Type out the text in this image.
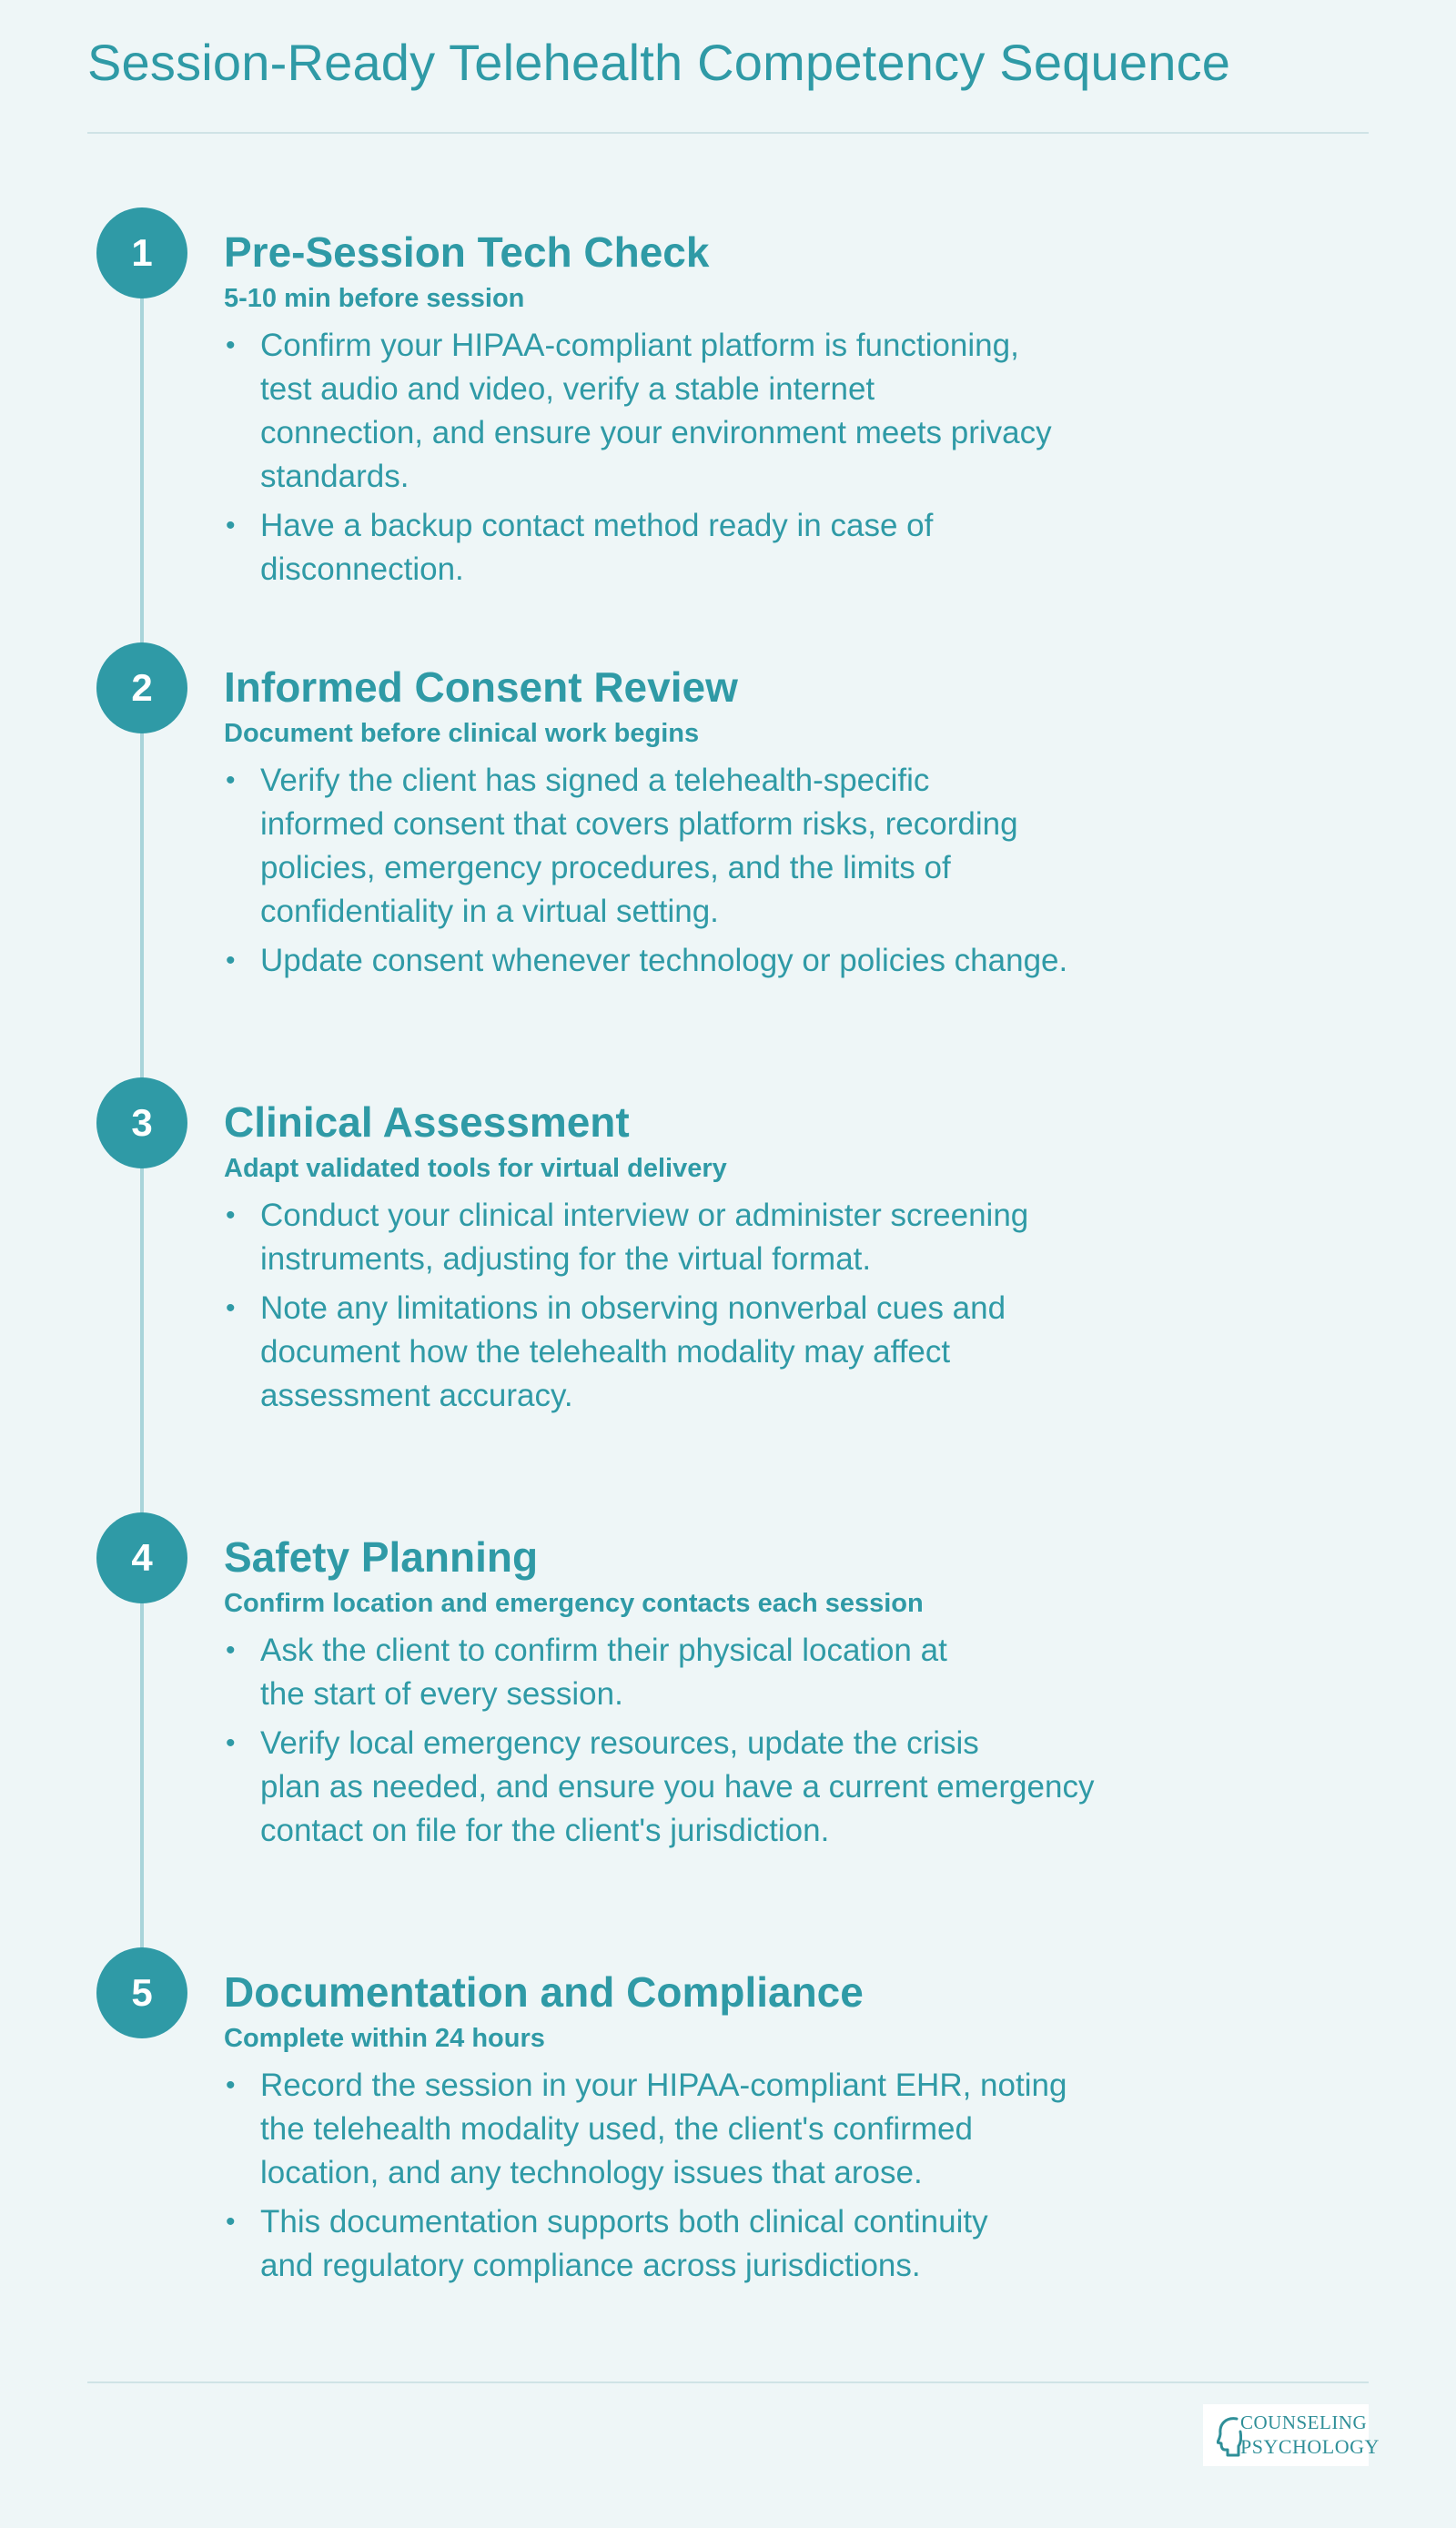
Session-Ready Telehealth Competency Sequence
1	Pre-Session Tech Check

5-10 min before session

• Confirm your HIPAA-compliant platform is functioning,
test audio and video, verify a stable internet
connection, and ensure your environment meets privacy
standards.
• Have a backup contact method ready in case of
disconnection.
2	Informed Consent Review

Document before clinical work begins

• Verify the client has signed a telehealth-specific
informed consent that covers platform risks, recording
policies, emergency procedures, and the limits of
confidentiality in a virtual setting.
• Update consent whenever technology or policies change.
3	Clinical Assessment

Adapt validated tools for virtual delivery

• Conduct your clinical interview or administer screening
instruments, adjusting for the virtual format.
• Note any limitations in observing nonverbal cues and
document how the telehealth modality may affect
assessment accuracy.
4	Safety Planning

Confirm location and emergency contacts each session

• Ask the client to confirm their physical location at
the start of every session.
• Verify local emergency resources, update the crisis
plan as needed, and ensure you have a current emergency
contact on file for the client's jurisdiction.
5	Documentation and Compliance

Complete within 24 hours

• Record the session in your HIPAA-compliant EHR, noting
the telehealth modality used, the client's confirmed
location, and any technology issues that arose.
• This documentation supports both clinical continuity
and regulatory compliance across jurisdictions.
COUNSELING
PSYCHOLOGY
